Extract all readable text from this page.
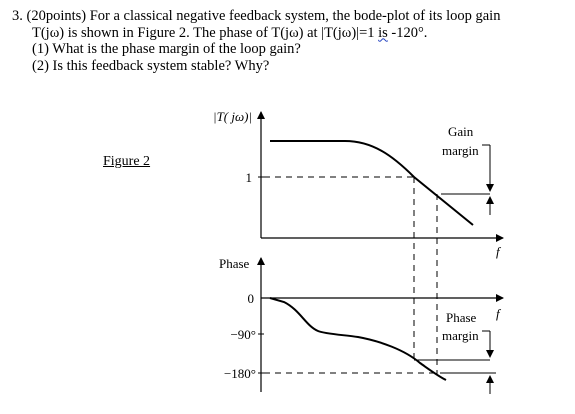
3. (20points) For a classical negative feedback system, the bode-plot of its loop gain
T(jω) is shown in Figure 2. The phase of T(jω) at |T(jω)|=1 is -120°.
(1) What is the phase margin of the loop gain?
(2) Is this feedback system stable? Why?
Figure 2
|T( jω)|
1
Gain
margin
f
Phase
0
−90°
−180°
Phase
margin
f
